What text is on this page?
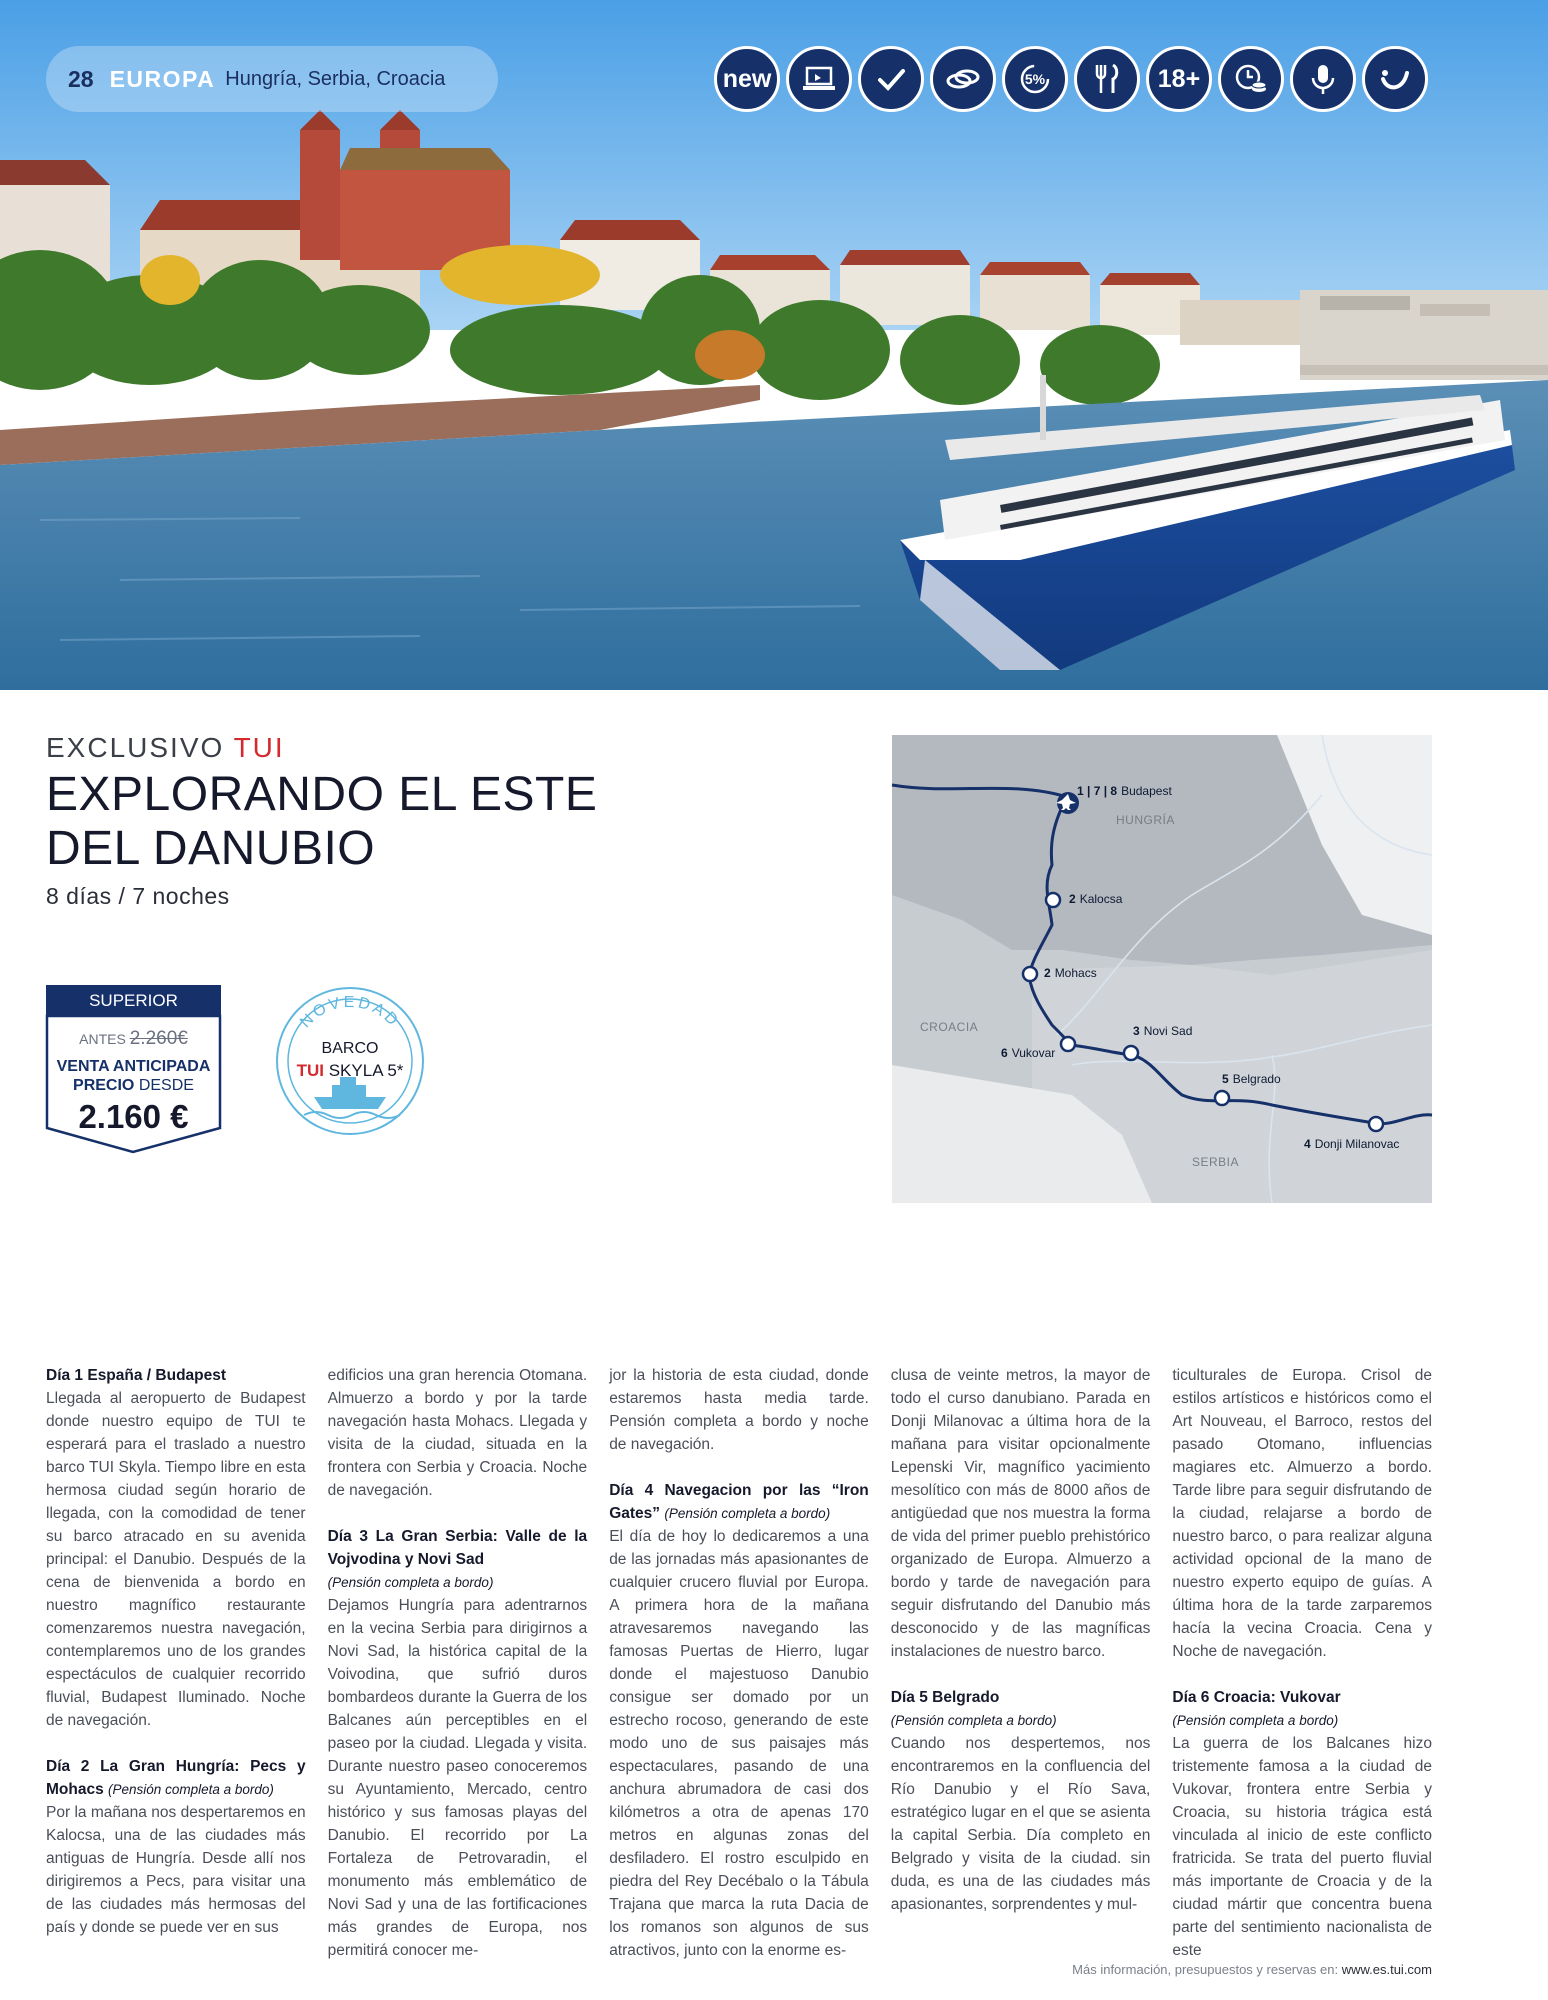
28 EUROPA Hungría, Serbia, Croacia	new	5%	18+
EXCLUSIVO TUI
EXPLORANDO EL ESTE DEL DANUBIO
8 días / 7 noches
SUPERIOR
ANTES 2.260€
VENTA ANTICIPADA
PRECIO DESDE
2.160 €
NOVEDAD
BARCO
TUI SKYLA 5*
1 | 7 | 8 Budapest
2 Kalocsa
2 Mohacs
3 Novi Sad
6 Vukovar
5 Belgrado
4 Donji Milanovac
HUNGRÍA
CROACIA
SERBIA
Día 1 España / Budapest

Llegada al aeropuerto de Budapest donde nuestro equipo de TUI te esperará para el traslado a nuestro barco TUI Skyla. Tiempo libre en esta hermosa ciudad según horario de llegada, con la comodidad de tener su barco atracado en su avenida principal: el Danubio. Después de la cena de bienvenida a bordo en nuestro magnífico restaurante comenzaremos nuestra navegación, contemplaremos uno de los grandes espectáculos de cualquier recorrido fluvial, Budapest Iluminado. Noche de navegación.

Día 2 La Gran Hungría: Pecs y Mohacs (Pensión completa a bordo)

Por la mañana nos despertaremos en Kalocsa, una de las ciudades más antiguas de Hungría. Desde allí nos dirigiremos a Pecs, para visitar una de las ciudades más hermosas del país y donde se puede ver en sus

edificios una gran herencia Otomana. Almuerzo a bordo y por la tarde navegación hasta Mohacs. Llegada y visita de la ciudad, situada en la frontera con Serbia y Croacia. Noche de navegación.

Día 3 La Gran Serbia: Valle de la Vojvodina y Novi Sad
(Pensión completa a bordo)

Dejamos Hungría para adentrarnos en la vecina Serbia para dirigirnos a Novi Sad, la histórica capital de la Voivodina, que sufrió duros bombardeos durante la Guerra de los Balcanes aún perceptibles en el paseo por la ciudad. Llegada y visita. Durante nuestro paseo conoceremos su Ayuntamiento, Mercado, centro histórico y sus famosas playas del Danubio. El recorrido por La Fortaleza de Petrovaradin, el monumento más emblemático de Novi Sad y una de las fortificaciones más grandes de Europa, nos permitirá conocer me-

jor la historia de esta ciudad, donde estaremos hasta media tarde. Pensión completa a bordo y noche de navegación.

Día 4 Navegacion por las “Iron Gates” (Pensión completa a bordo)

El día de hoy lo dedicaremos a una de las jornadas más apasionantes de cualquier crucero fluvial por Europa. A primera hora de la mañana atravesaremos navegando las famosas Puertas de Hierro, lugar donde el majestuoso Danubio consigue ser domado por un estrecho rocoso, generando de este modo uno de sus paisajes más espectaculares, pasando de una anchura abrumadora de casi dos kilómetros a otra de apenas 170 metros en algunas zonas del desfiladero. El rostro esculpido en piedra del Rey Decébalo o la Tábula Trajana que marca la ruta Dacia de los romanos son algunos de sus atractivos, junto con la enorme es-

clusa de veinte metros, la mayor de todo el curso danubiano. Parada en Donji Milanovac a última hora de la mañana para visitar opcionalmente Lepenski Vir, magnífico yacimiento mesolítico con más de 8000 años de antigüedad que nos muestra la forma de vida del primer pueblo prehistórico organizado de Europa. Almuerzo a bordo y tarde de navegación para seguir disfrutando del Danubio más desconocido y de las magníficas instalaciones de nuestro barco.

Día 5 Belgrado
(Pensión completa a bordo)

Cuando nos despertemos, nos encontraremos en la confluencia del Río Danubio y el Río Sava, estratégico lugar en el que se asienta la capital Serbia. Día completo en Belgrado y visita de la ciudad. sin duda, es una de las ciudades más apasionantes, sorprendentes y mul-

ticulturales de Europa. Crisol de estilos artísticos e históricos como el Art Nouveau, el Barroco, restos del pasado Otomano, influencias magiares etc. Almuerzo a bordo. Tarde libre para seguir disfrutando de la ciudad, relajarse a bordo de nuestro barco, o para realizar alguna actividad opcional de la mano de nuestro experto equipo de guías. A última hora de la tarde zarparemos hacía la vecina Croacia. Cena y Noche de navegación.

Día 6 Croacia: Vukovar
(Pensión completa a bordo)

La guerra de los Balcanes hizo tristemente famosa a la ciudad de Vukovar, frontera entre Serbia y Croacia, su historia trágica está vinculada al inicio de este conflicto fratricida. Se trata del puerto fluvial más importante de Croacia y de la ciudad mártir que concentra buena parte del sentimiento nacionalista de este

Más información, presupuestos y reservas en: www.es.tui.com
